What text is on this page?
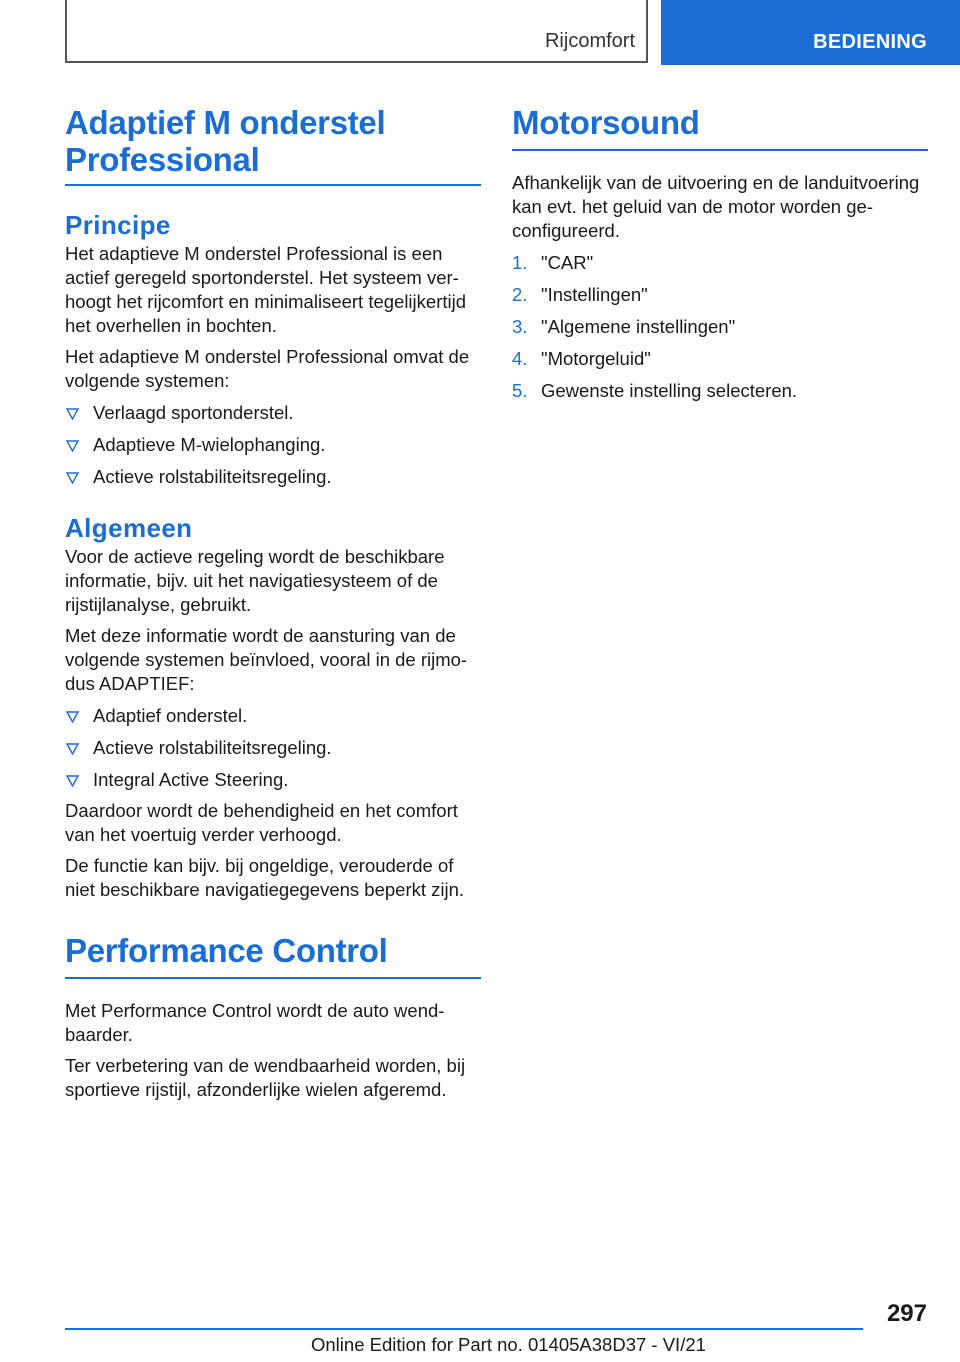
Rijcomfort	BEDIENING
Adaptief M onderstel Professional
Principe

Het adaptieve M onderstel Professional is een actief geregeld sportonderstel. Het systeem verhoogt het rijcomfort en minimaliseert tegelijkertijd het overhellen in bochten.

Het adaptieve M onderstel Professional omvat de volgende systemen:

Verlaagd sportonderstel.
Adaptieve M-wielophanging.
Actieve rolstabiliteitsregeling.
Algemeen

Voor de actieve regeling wordt de beschikbare informatie, bijv. uit het navigatiesysteem of de rijstijlanalyse, gebruikt.

Met deze informatie wordt de aansturing van de volgende systemen beïnvloed, vooral in de rijmodus ADAPTIEF:

Adaptief onderstel.
Actieve rolstabiliteitsregeling.
Integral Active Steering.

Daardoor wordt de behendigheid en het comfort van het voertuig verder verhoogd.

De functie kan bijv. bij ongeldige, verouderde of niet beschikbare navigatiegegevens beperkt zijn.

Performance Control

Met Performance Control wordt de auto wendbaarder.

Ter verbetering van de wendbaarheid worden, bij sportieve rijstijl, afzonderlijke wielen afgeremd.

Motorsound

Afhankelijk van de uitvoering en de landuitvoering kan evt. het geluid van de motor worden geconfigureerd.

1. "CAR"
2. "Instellingen"
3. "Algemene instellingen"
4. "Motorgeluid"
5. Gewenste instelling selecteren.
297
Online Edition for Part no. 01405A38D37 - VI/21
